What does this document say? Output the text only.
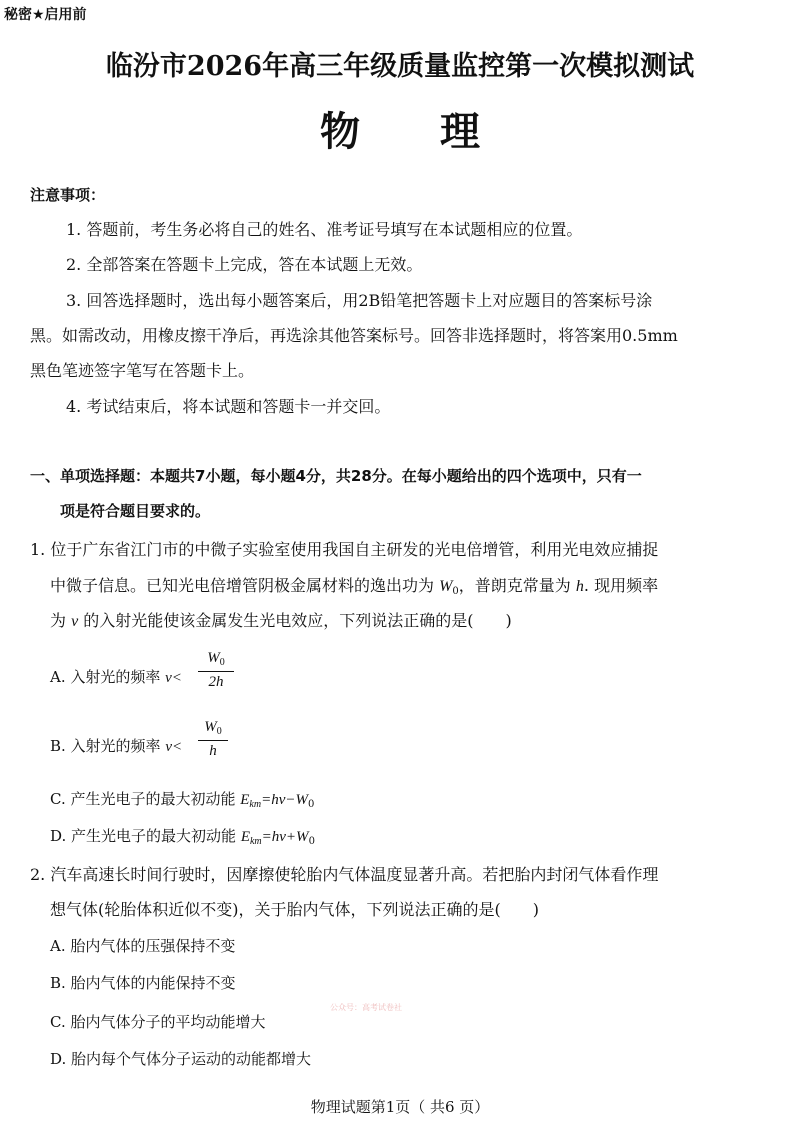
秘密★启用前
临汾市2026年高三年级质量监控第一次模拟测试
物　　理
注意事项：
1. 答题前，考生务必将自己的姓名、准考证号填写在本试题相应的位置。
2. 全部答案在答题卡上完成，答在本试题上无效。
3. 回答选择题时，选出每小题答案后，用2B铅笔把答题卡上对应题目的答案标号涂
黑。如需改动，用橡皮擦干净后，再选涂其他答案标号。回答非选择题时，将答案用0.5mm
黑色笔迹签字笔写在答题卡上。
4. 考试结束后，将本试题和答题卡一并交回。
一、单项选择题：本题共7小题，每小题4分，共28分。在每小题给出的四个选项中，只有一
项是符合题目要求的。
1. 位于广东省江门市的中微子实验室使用我国自主研发的光电倍增管，利用光电效应捕捉
中微子信息。已知光电倍增管阴极金属材料的逸出功为 $W_0$，普朗克常量为 h. 现用频率
为 ν 的入射光能使该金属发生光电效应，下列说法正确的是(　　)
A. 入射光的频率 ν<
$W_0$
2h
B. 入射光的频率 ν<
$W_0$
h
C. 产生光电子的最大初动能 $E_{km}=h\nu-W_0$
D. 产生光电子的最大初动能 $E_{km}=h\nu+W_0$
公众号：高考试卷社
2. 汽车高速长时间行驶时，因摩擦使轮胎内气体温度显著升高。若把胎内封闭气体看作理
想气体(轮胎体积近似不变)，关于胎内气体，下列说法正确的是(　　)
A. 胎内气体的压强保持不变
B. 胎内气体的内能保持不变
C. 胎内气体分子的平均动能增大
D. 胎内每个气体分子运动的动能都增大
物理试题第1页（ 共6 页）
